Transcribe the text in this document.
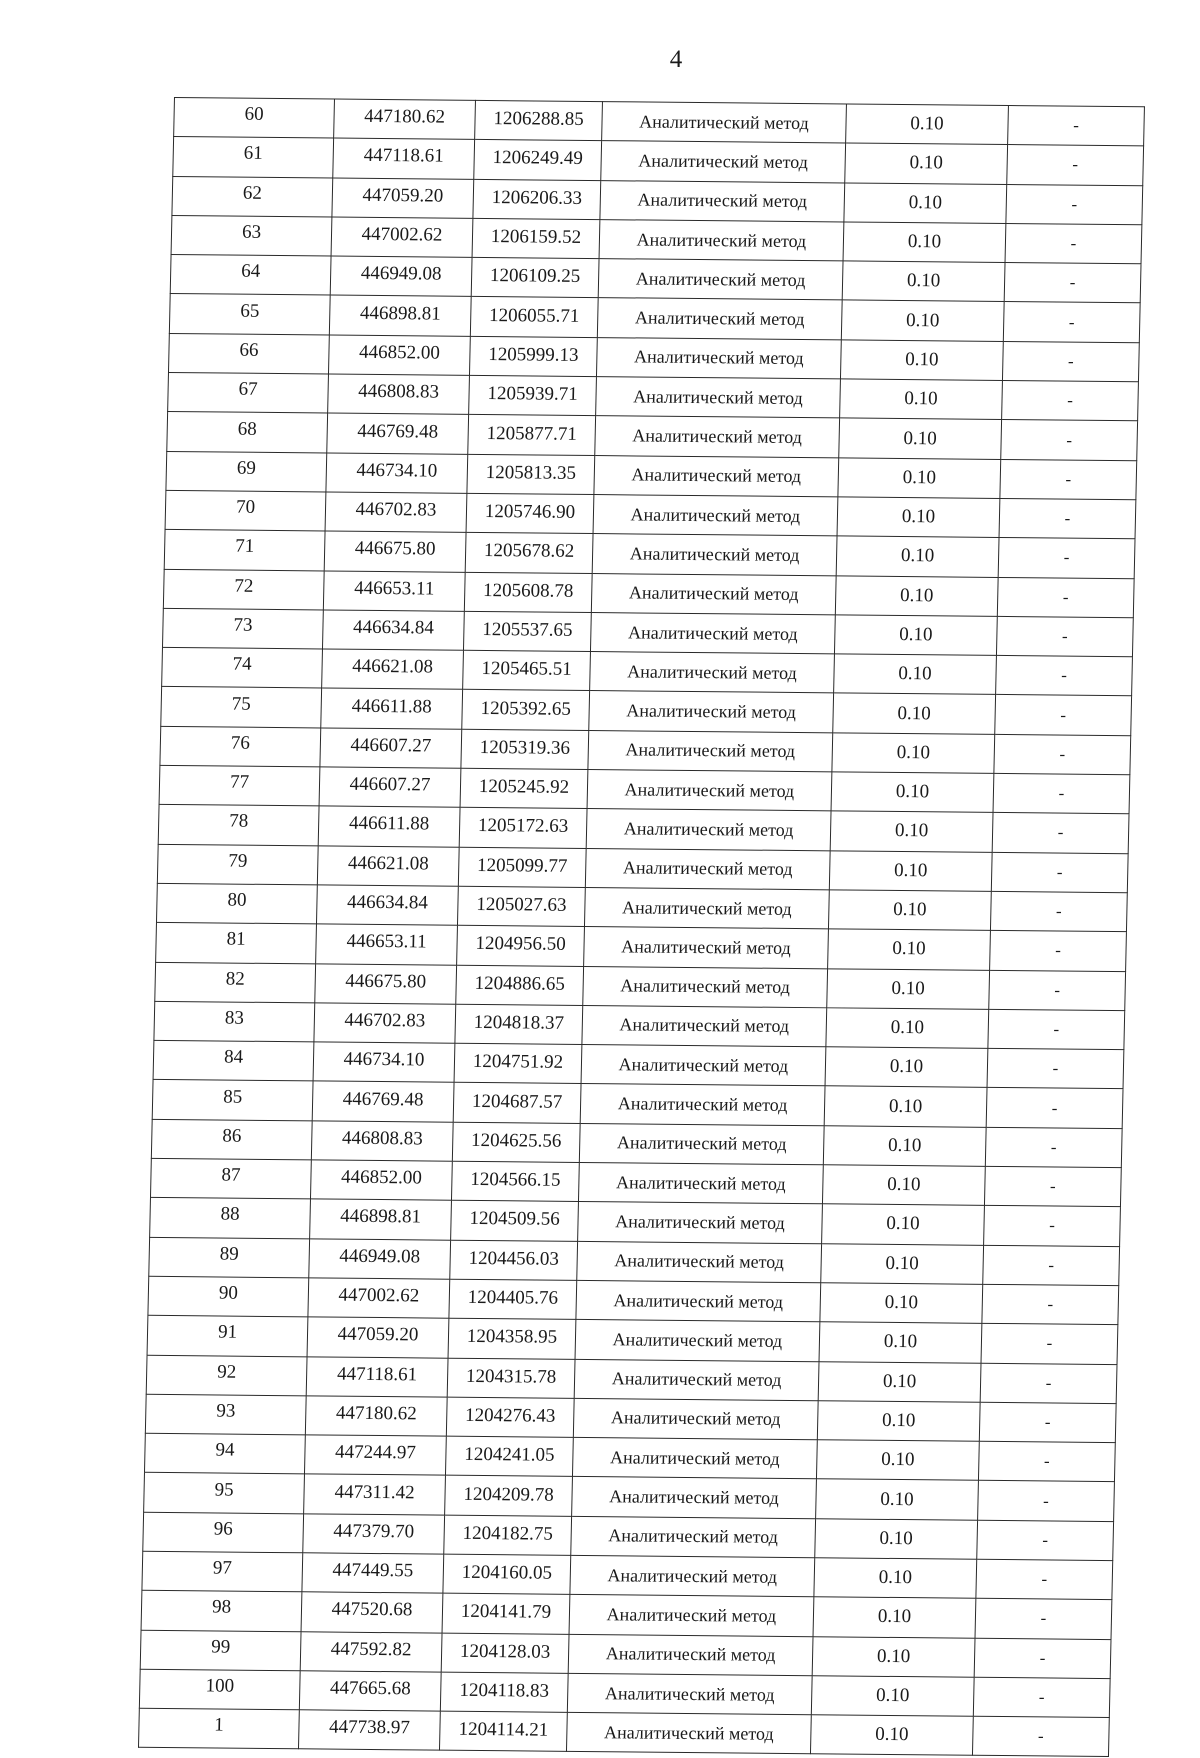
4
60	447180.62	1206288.85	Аналитический метод	0.10	-
61	447118.61	1206249.49	Аналитический метод	0.10	-
62	447059.20	1206206.33	Аналитический метод	0.10	-
63	447002.62	1206159.52	Аналитический метод	0.10	-
64	446949.08	1206109.25	Аналитический метод	0.10	-
65	446898.81	1206055.71	Аналитический метод	0.10	-
66	446852.00	1205999.13	Аналитический метод	0.10	-
67	446808.83	1205939.71	Аналитический метод	0.10	-
68	446769.48	1205877.71	Аналитический метод	0.10	-
69	446734.10	1205813.35	Аналитический метод	0.10	-
70	446702.83	1205746.90	Аналитический метод	0.10	-
71	446675.80	1205678.62	Аналитический метод	0.10	-
72	446653.11	1205608.78	Аналитический метод	0.10	-
73	446634.84	1205537.65	Аналитический метод	0.10	-
74	446621.08	1205465.51	Аналитический метод	0.10	-
75	446611.88	1205392.65	Аналитический метод	0.10	-
76	446607.27	1205319.36	Аналитический метод	0.10	-
77	446607.27	1205245.92	Аналитический метод	0.10	-
78	446611.88	1205172.63	Аналитический метод	0.10	-
79	446621.08	1205099.77	Аналитический метод	0.10	-
80	446634.84	1205027.63	Аналитический метод	0.10	-
81	446653.11	1204956.50	Аналитический метод	0.10	-
82	446675.80	1204886.65	Аналитический метод	0.10	-
83	446702.83	1204818.37	Аналитический метод	0.10	-
84	446734.10	1204751.92	Аналитический метод	0.10	-
85	446769.48	1204687.57	Аналитический метод	0.10	-
86	446808.83	1204625.56	Аналитический метод	0.10	-
87	446852.00	1204566.15	Аналитический метод	0.10	-
88	446898.81	1204509.56	Аналитический метод	0.10	-
89	446949.08	1204456.03	Аналитический метод	0.10	-
90	447002.62	1204405.76	Аналитический метод	0.10	-
91	447059.20	1204358.95	Аналитический метод	0.10	-
92	447118.61	1204315.78	Аналитический метод	0.10	-
93	447180.62	1204276.43	Аналитический метод	0.10	-
94	447244.97	1204241.05	Аналитический метод	0.10	-
95	447311.42	1204209.78	Аналитический метод	0.10	-
96	447379.70	1204182.75	Аналитический метод	0.10	-
97	447449.55	1204160.05	Аналитический метод	0.10	-
98	447520.68	1204141.79	Аналитический метод	0.10	-
99	447592.82	1204128.03	Аналитический метод	0.10	-
100	447665.68	1204118.83	Аналитический метод	0.10	-
1	447738.97	1204114.21	Аналитический метод	0.10	-
